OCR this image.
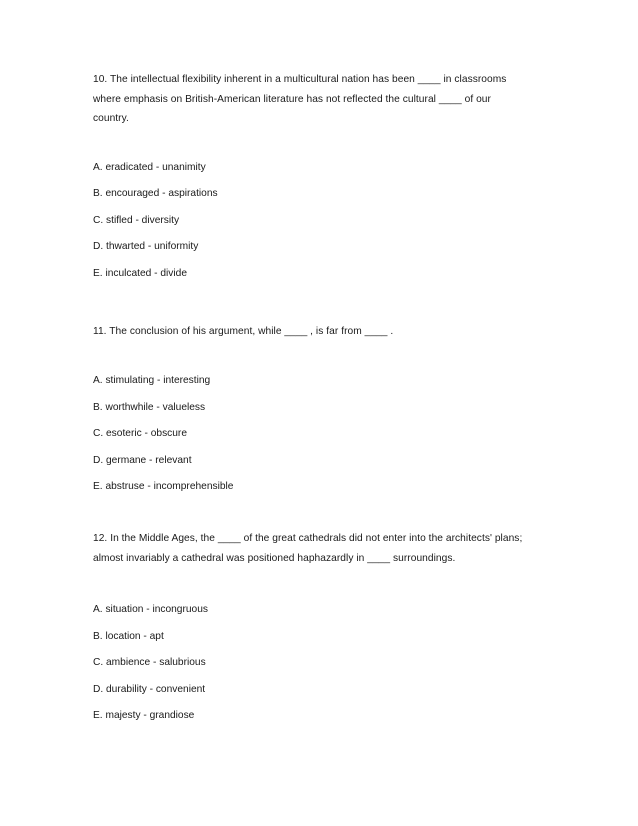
10. The intellectual flexibility inherent in a multicultural nation has been ____ in classrooms
where emphasis on British-American literature has not reflected the cultural ____ of our
country.
A. eradicated - unanimity
B. encouraged - aspirations
C. stifled - diversity
D. thwarted - uniformity
E. inculcated - divide
11. The conclusion of his argument, while ____ , is far from ____ .
A. stimulating - interesting
B. worthwhile - valueless
C. esoteric - obscure
D. germane - relevant
E. abstruse - incomprehensible
12. In the Middle Ages, the ____ of the great cathedrals did not enter into the architects' plans;
almost invariably a cathedral was positioned haphazardly in ____ surroundings.
A. situation - incongruous
B. location - apt
C. ambience - salubrious
D. durability - convenient
E. majesty - grandiose
